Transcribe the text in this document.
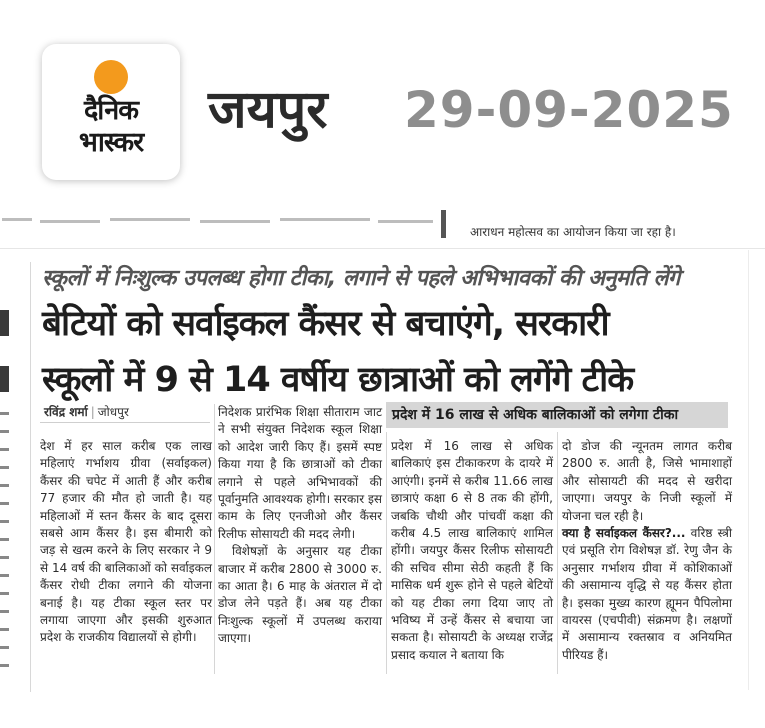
दैनिक
भास्कर
जयपुर 29-09-2025
आराधन महोत्सव का आयोजन किया जा रहा है।
स्कूलों में निःशुल्क उपलब्ध होगा टीका, लगाने से पहले अभिभावकों की अनुमति लेंगे
बेटियों को सर्वाइकल कैंसर से बचाएंगे, सरकारी
स्कूलों में 9 से 14 वर्षीय छात्राओं को लगेंगे टीके
रविंद्र शर्मा | जोधपुर	प्रदेश में 16 लाख से अधिक बालिकाओं को लगेगा टीका

देश में हर साल करीब एक लाख महिलाएं गर्भाशय ग्रीवा (सर्वाइकल) कैंसर की चपेट में आती हैं और करीब 77 हजार की मौत हो जाती है। यह महिलाओं में स्तन कैंसर के बाद दूसरा सबसे आम कैंसर है। इस बीमारी को जड़ से खत्म करने के लिए सरकार ने 9 से 14 वर्ष की बालिकाओं को सर्वाइकल कैंसर रोधी टीका लगाने की योजना बनाई है। यह टीका स्कूल स्तर पर लगाया जाएगा और इसकी शुरुआत प्रदेश के राजकीय विद्यालयों से होगी।

निदेशक प्रारंभिक शिक्षा सीताराम जाट ने सभी संयुक्त निदेशक स्कूल शिक्षा को आदेश जारी किए हैं। इसमें स्पष्ट किया गया है कि छात्राओं को टीका लगाने से पहले अभिभावकों की पूर्वानुमति आवश्यक होगी। सरकार इस काम के लिए एनजीओ और कैंसर रिलीफ सोसायटी की मदद लेगी।

विशेषज्ञों के अनुसार यह टीका बाजार में करीब 2800 से 3000 रु. का आता है। 6 माह के अंतराल में दो डोज लेने पड़ते हैं। अब यह टीका निःशुल्क स्कूलों में उपलब्ध कराया जाएगा।

प्रदेश में 16 लाख से अधिक बालिकाएं इस टीकाकरण के दायरे में आएंगी। इनमें से करीब 11.66 लाख छात्राएं कक्षा 6 से 8 तक की होंगी, जबकि चौथी और पांचवीं कक्षा की करीब 4.5 लाख बालिकाएं शामिल होंगी। जयपुर कैंसर रिलीफ सोसायटी की सचिव सीमा सेठी कहती हैं कि मासिक धर्म शुरू होने से पहले बेटियों को यह टीका लगा दिया जाए तो भविष्य में उन्हें कैंसर से बचाया जा सकता है। सोसायटी के अध्यक्ष राजेंद्र प्रसाद कयाल ने बताया कि

दो डोज की न्यूनतम लागत करीब 2800 रु. आती है, जिसे भामाशाहों और सोसायटी की मदद से खरीदा जाएगा। जयपुर के निजी स्कूलों में योजना चल रही है।

क्या है सर्वाइकल कैंसर?... वरिष्ठ स्त्री एवं प्रसूति रोग विशेषज्ञ डॉ. रेणु जैन के अनुसार गर्भाशय ग्रीवा में कोशिकाओं की असामान्य वृद्धि से यह कैंसर होता है। इसका मुख्य कारण ह्यूमन पैपिलोमा वायरस (एचपीवी) संक्रमण है। लक्षणों में असामान्य रक्तस्राव व अनियमित पीरियड हैं।
